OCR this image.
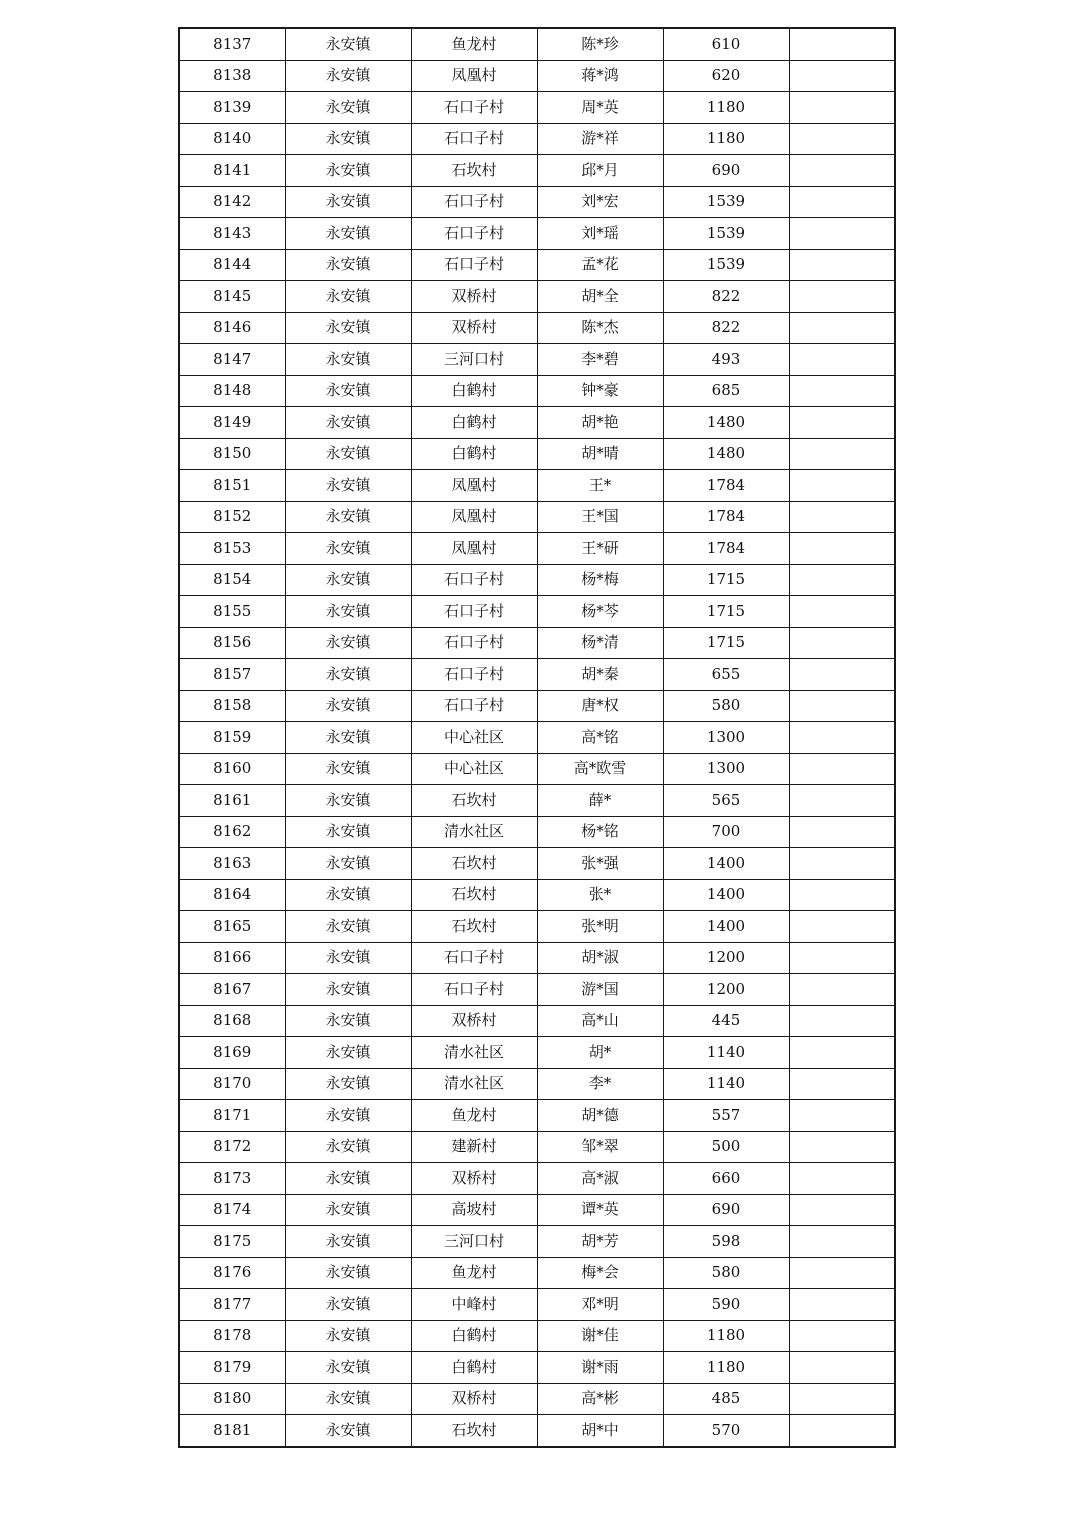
8137	永安镇	鱼龙村	陈*珍	610	
8138	永安镇	凤凰村	蒋*鸿	620	
8139	永安镇	石口子村	周*英	1180	
8140	永安镇	石口子村	游*祥	1180	
8141	永安镇	石坎村	邱*月	690	
8142	永安镇	石口子村	刘*宏	1539	
8143	永安镇	石口子村	刘*瑶	1539	
8144	永安镇	石口子村	孟*花	1539	
8145	永安镇	双桥村	胡*全	822	
8146	永安镇	双桥村	陈*杰	822	
8147	永安镇	三河口村	李*碧	493	
8148	永安镇	白鹤村	钟*豪	685	
8149	永安镇	白鹤村	胡*艳	1480	
8150	永安镇	白鹤村	胡*晴	1480	
8151	永安镇	凤凰村	王*	1784	
8152	永安镇	凤凰村	王*国	1784	
8153	永安镇	凤凰村	王*研	1784	
8154	永安镇	石口子村	杨*梅	1715	
8155	永安镇	石口子村	杨*芩	1715	
8156	永安镇	石口子村	杨*清	1715	
8157	永安镇	石口子村	胡*秦	655	
8158	永安镇	石口子村	唐*权	580	
8159	永安镇	中心社区	高*铭	1300	
8160	永安镇	中心社区	高*欧雪	1300	
8161	永安镇	石坎村	薛*	565	
8162	永安镇	清水社区	杨*铭	700	
8163	永安镇	石坎村	张*强	1400	
8164	永安镇	石坎村	张*	1400	
8165	永安镇	石坎村	张*明	1400	
8166	永安镇	石口子村	胡*淑	1200	
8167	永安镇	石口子村	游*国	1200	
8168	永安镇	双桥村	高*山	445	
8169	永安镇	清水社区	胡*	1140	
8170	永安镇	清水社区	李*	1140	
8171	永安镇	鱼龙村	胡*德	557	
8172	永安镇	建新村	邹*翠	500	
8173	永安镇	双桥村	高*淑	660	
8174	永安镇	高坡村	谭*英	690	
8175	永安镇	三河口村	胡*芳	598	
8176	永安镇	鱼龙村	梅*会	580	
8177	永安镇	中峰村	邓*明	590	
8178	永安镇	白鹤村	谢*佳	1180	
8179	永安镇	白鹤村	谢*雨	1180	
8180	永安镇	双桥村	高*彬	485	
8181	永安镇	石坎村	胡*中	570	
